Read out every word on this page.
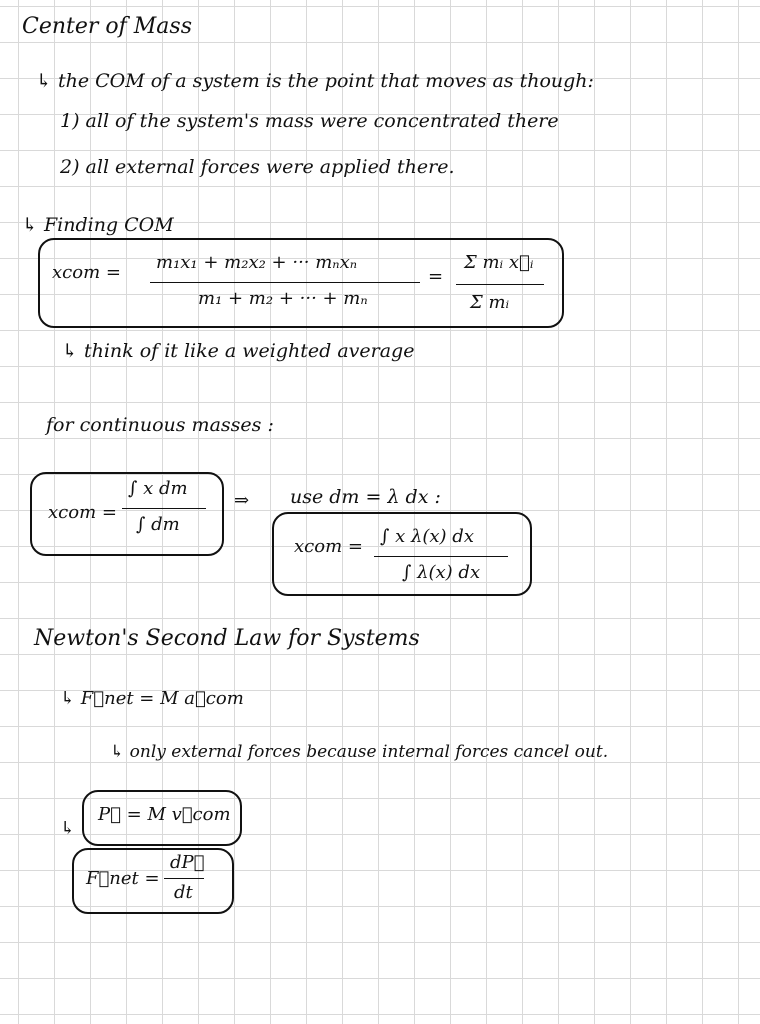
Center of Mass
↳ the COM of a system is the point that moves as though:
1) all of the system's mass were concentrated there
2) all external forces were applied there.
↳ Finding COM
xcom = m₁x₁ + m₂x₂ + ··· mₙxₙ
m₁ + m₂ + ··· + mₙ
=
Σ mᵢ x⃗ᵢ
Σ mᵢ
↳ think of it like a weighted average
for continuous masses :
xcom =
∫ x dm
∫ dm
⇒ use dm = λ dx :
xcom = ∫ x λ(x) dx
∫ λ(x) dx
Newton's Second Law for Systems
↳ F⃗net = M a⃗com
↳ only external forces because internal forces cancel out.
↳
P⃗ = M v⃗com
F⃗net =
dP⃗
dt
